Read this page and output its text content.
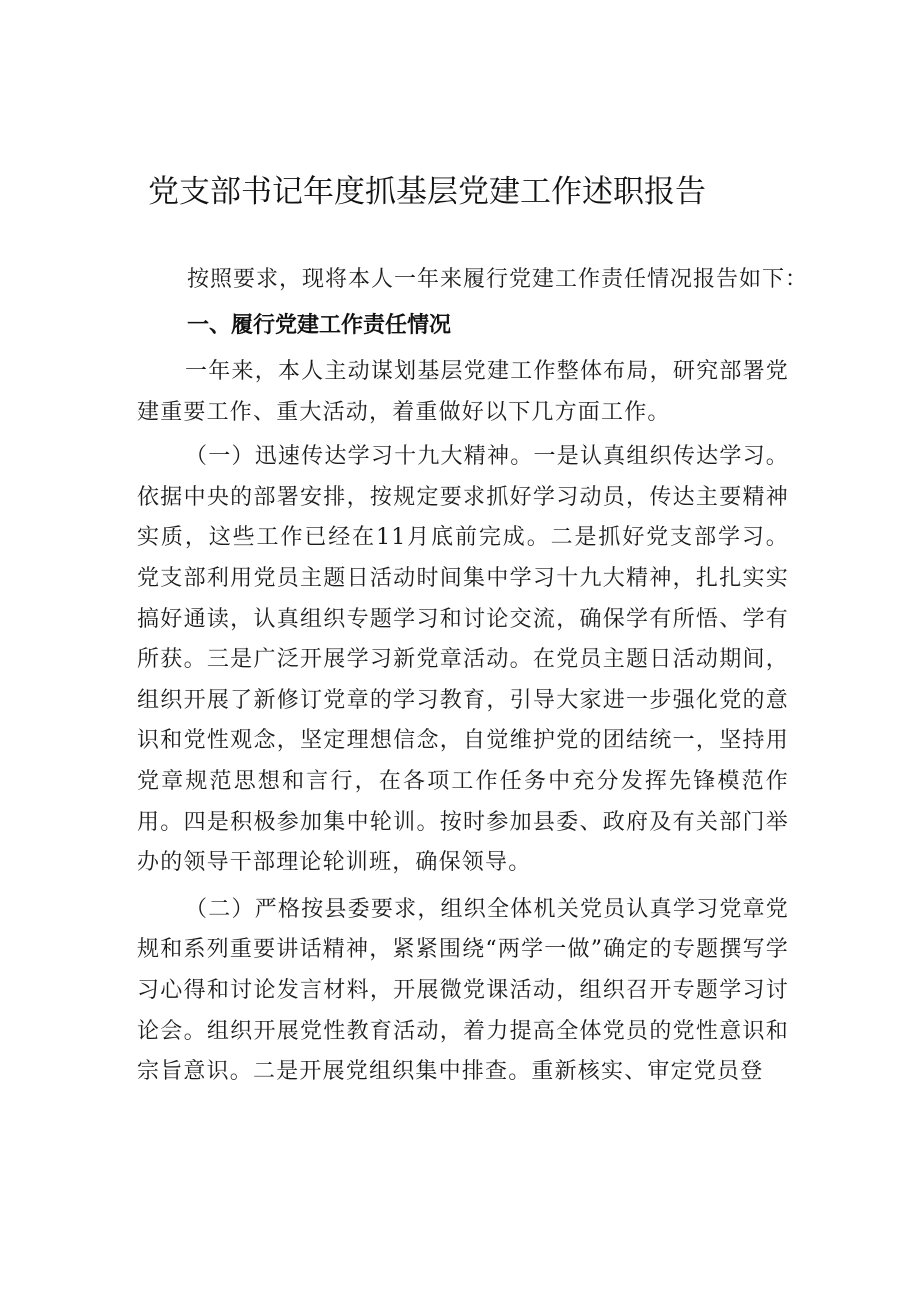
党支部书记年度抓基层党建工作述职报告

按照要求，现将本人一年来履行党建工作责任情况报告如下：

一、履行党建工作责任情况

一年来，本人主动谋划基层党建工作整体布局，研究部署党建重要工作、重大活动，着重做好以下几方面工作。

（一）迅速传达学习十九大精神。一是认真组织传达学习。依据中央的部署安排，按规定要求抓好学习动员，传达主要精神实质，这些工作已经在11月底前完成。二是抓好党支部学习。党支部利用党员主题日活动时间集中学习十九大精神，扎扎实实搞好通读，认真组织专题学习和讨论交流，确保学有所悟、学有所获。三是广泛开展学习新党章活动。在党员主题日活动期间，组织开展了新修订党章的学习教育，引导大家进一步强化党的意识和党性观念，坚定理想信念，自觉维护党的团结统一，坚持用党章规范思想和言行，在各项工作任务中充分发挥先锋模范作用。四是积极参加集中轮训。按时参加县委、政府及有关部门举办的领导干部理论轮训班，确保领导。

（二）严格按县委要求，组织全体机关党员认真学习党章党规和系列重要讲话精神，紧紧围绕“两学一做”确定的专题撰写学习心得和讨论发言材料，开展微党课活动，组织召开专题学习讨论会。组织开展党性教育活动，着力提高全体党员的党性意识和宗旨意识。二是开展党组织集中排查。重新核实、审定党员登
